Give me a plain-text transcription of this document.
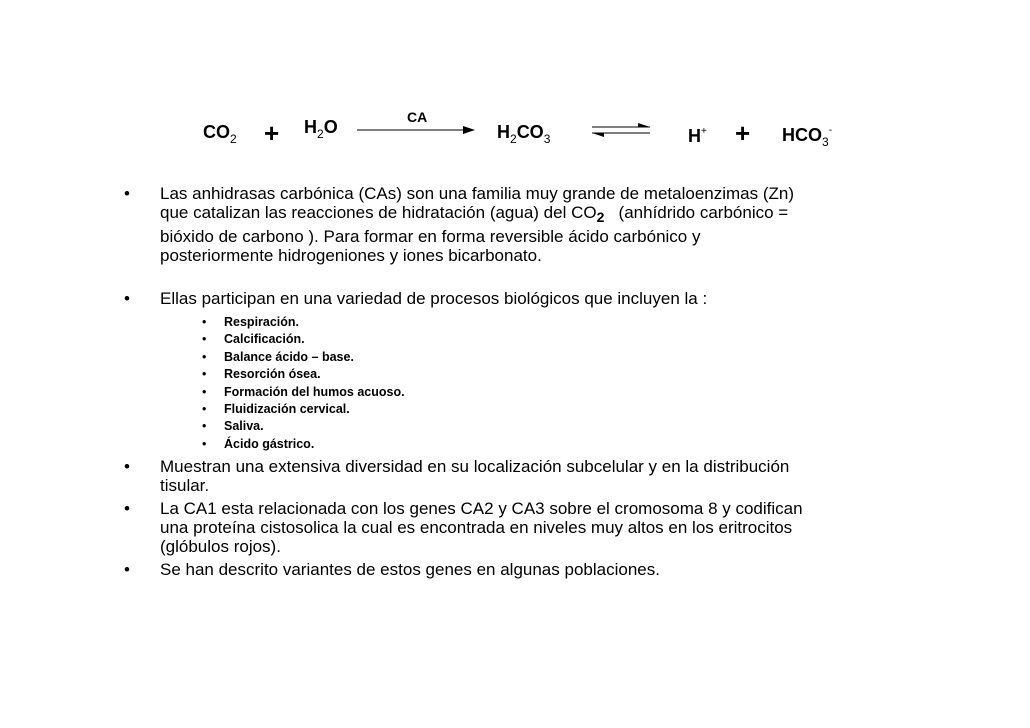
$CO_2 + H_2O$	CA
$H_2CO_3$	$H^+ + HCO_3^-$
• Las anhidrasas carbónica (CAs) son una familia muy grande de metaloenzimas (Zn)
que catalizan las reacciones de hidratación (agua) del $CO_2$   (anhídrido carbónico =
bióxido de carbono ). Para formar en forma reversible ácido carbónico y
posteriormente hidrogeniones y iones bicarbonato.
• Ellas participan en una variedad de procesos biológicos que incluyen la :
• Respiración.
• Calcificación.
• Balance ácido – base.
• Resorción ósea.
• Formación del humos acuoso.
• Fluidización cervical.
• Saliva.
• Ácido gástrico.
• Muestran una extensiva diversidad en su localización subcelular y en la distribución
tisular.
• La CA1 esta relacionada con los genes CA2 y CA3 sobre el cromosoma 8 y codifican
una proteína cistosolica la cual es encontrada en niveles muy altos en los eritrocitos
(glóbulos rojos).
• Se han descrito variantes de estos genes en algunas poblaciones.
